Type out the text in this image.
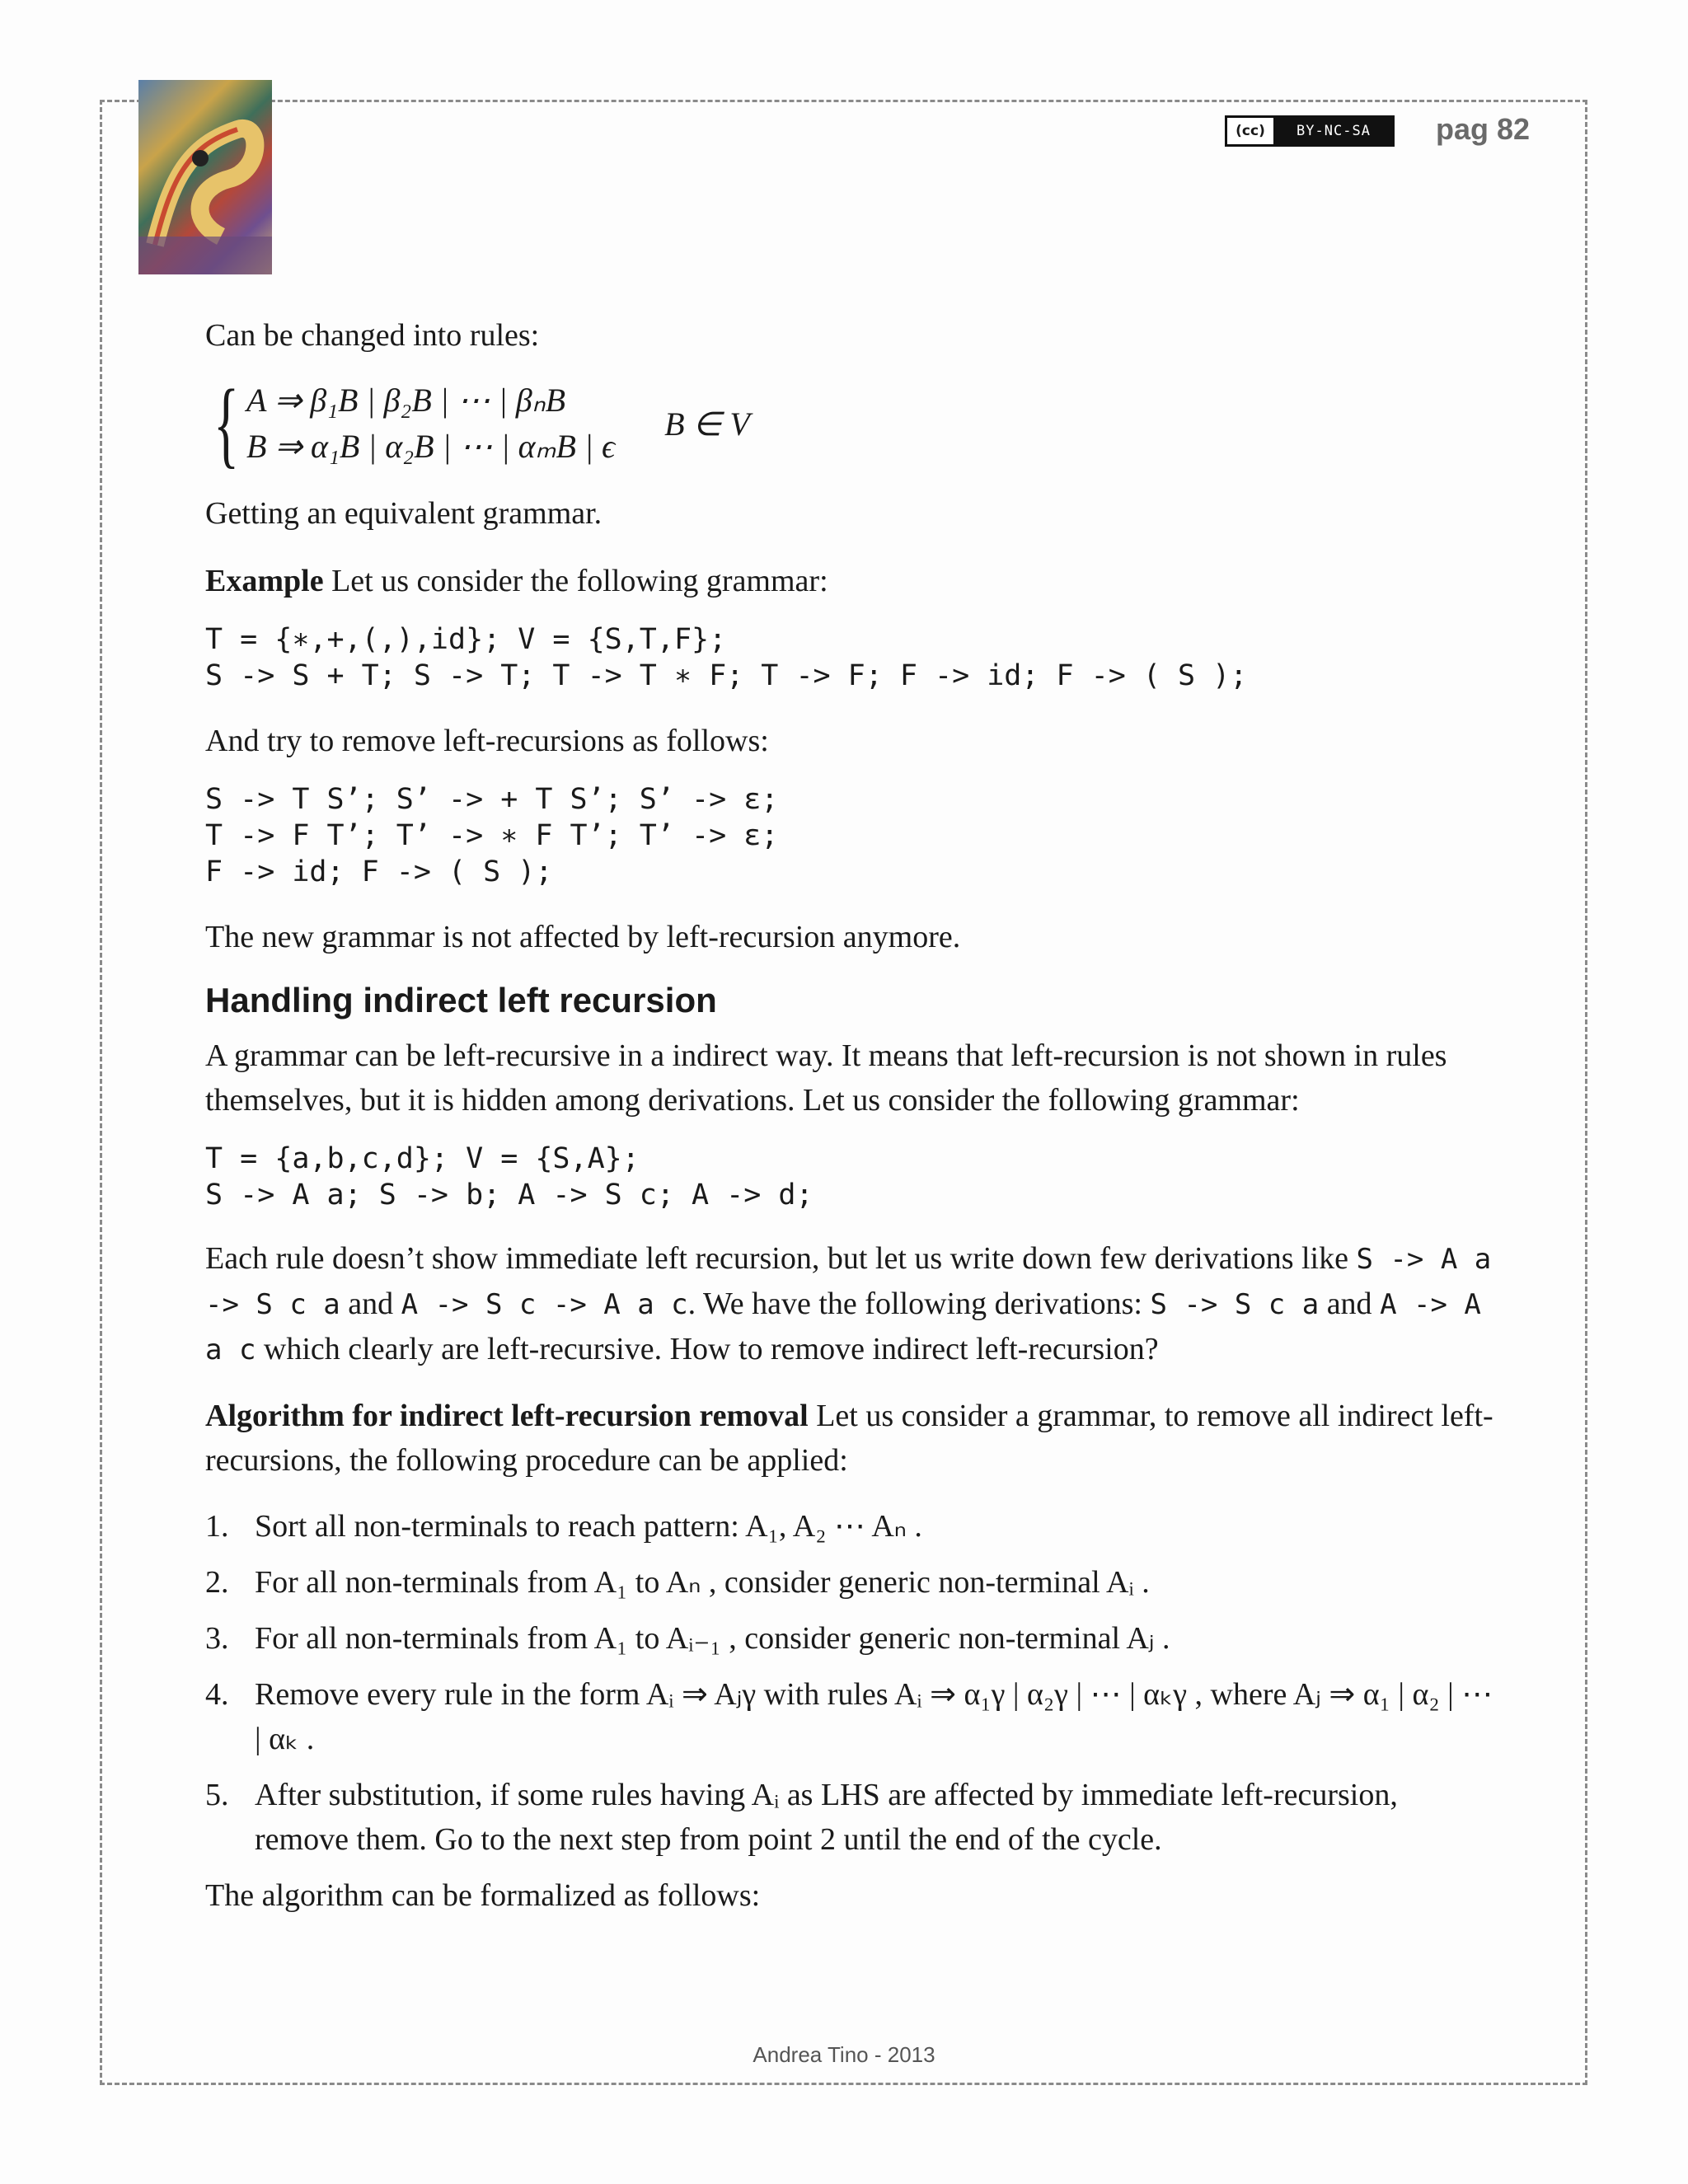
(cc)	BY-NC-SA	pag 82

Can be changed into rules:

{ A ⇒ β₁B | β₂B | ⋯ | βₙB
B ⇒ α₁B | α₂B | ⋯ | αₘB | ϵ
B ∈ V

Getting an equivalent grammar.

Example Let us consider the following grammar:

T = {∗,+,(,),id}; V = {S,T,F};
S -> S + T; S -> T; T -> T ∗ F; T -> F; F -> id; F -> ( S );

And try to remove left-recursions as follows:

S -> T S’; S’ -> + T S’; S’ -> ε;
T -> F T’; T’ -> ∗ F T’; T’ -> ε;
F -> id; F -> ( S );

The new grammar is not affected by left-recursion anymore.

Handling indirect left recursion

A grammar can be left-recursive in a indirect way. It means that left-recursion is not shown in rules themselves, but it is hidden among derivations. Let us consider the following grammar:

T = {a,b,c,d}; V = {S,A};
S -> A a; S -> b; A -> S c; A -> d;

Each rule doesn’t show immediate left recursion, but let us write down few derivations like S -> A a -> S c a and A -> S c -> A a c. We have the following derivations: S -> S c a and A -> A a c which clearly are left-recursive. How to remove indirect left-recursion?

Algorithm for indirect left-recursion removal Let us consider a grammar, to remove all indirect left-recursions, the following procedure can be applied:

1. Sort all non-terminals to reach pattern: A₁, A₂ ⋯ Aₙ .
2. For all non-terminals from A₁ to Aₙ , consider generic non-terminal Aᵢ .
3. For all non-terminals from A₁ to Aᵢ₋₁ , consider generic non-terminal Aⱼ .
4. Remove every rule in the form Aᵢ ⇒ Aⱼγ with rules Aᵢ ⇒ α₁γ | α₂γ | ⋯ | αₖγ , where Aⱼ ⇒ α₁ | α₂ | ⋯ | αₖ .
5. After substitution, if some rules having Aᵢ as LHS are affected by immediate left-recursion, remove them. Go to the next step from point 2 until the end of the cycle.

The algorithm can be formalized as follows:

Andrea Tino - 2013
